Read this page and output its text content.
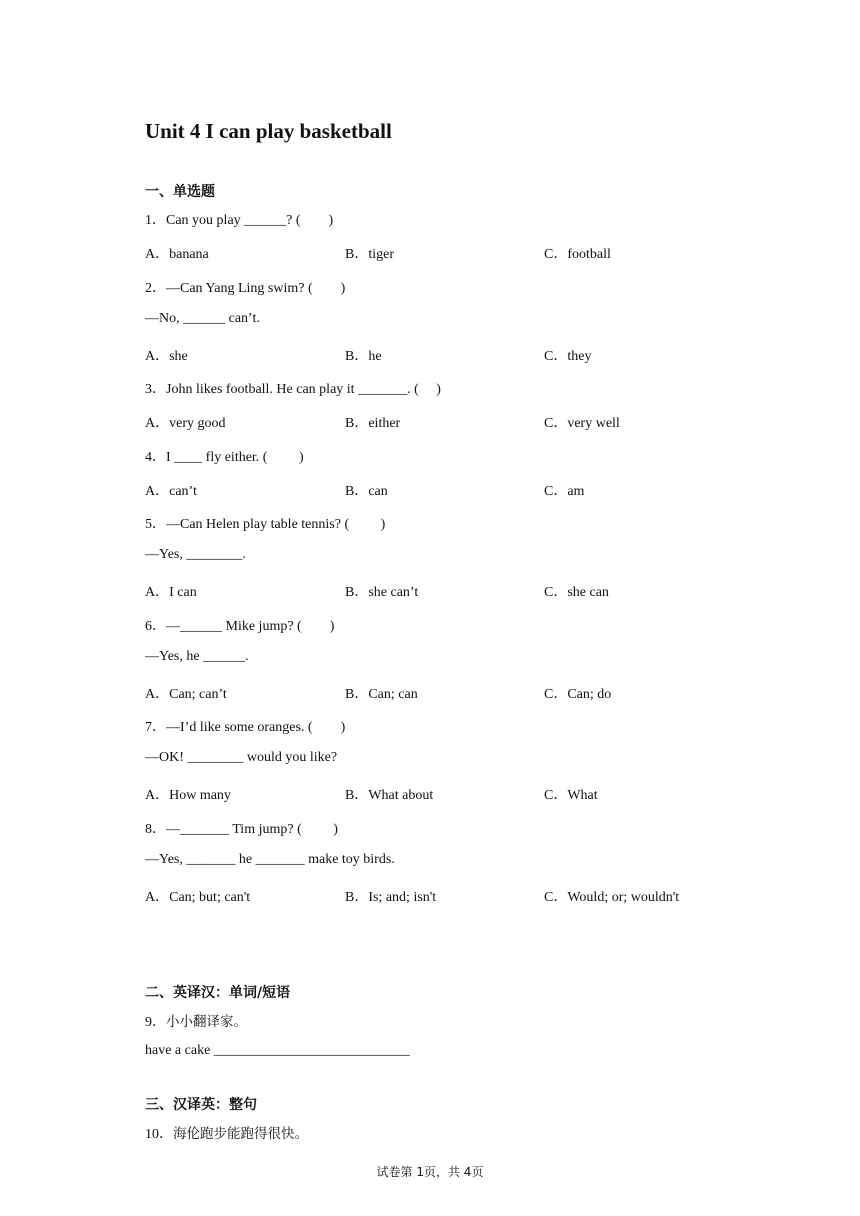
Unit 4 I can play basketball
一、单选题
1．Can you play ______? (　　)
A．banana	B．tiger	C．football
2．—Can Yang Ling swim? (　　)
—No, ______ can’t.
A．she	B．he	C．they
3．John likes football. He can play it _______. (　 )
A．very good	B．either	C．very well
4．I ____ fly either. (　　 )
A．can’t	B．can	C．am
5．—Can Helen play table tennis? (　　 )
—Yes, ________.
A．I can	B．she can’t	C．she can
6．—______ Mike jump? (　　)
—Yes, he ______.
A．Can; can’t	B．Can; can	C．Can; do
7．—I’d like some oranges. (　　)
—OK! ________ would you like?
A．How many	B．What about	C．What
8．—_______ Tim jump? (　　 )
—Yes, _______ he _______ make toy birds.
A．Can; but; can't	B．Is; and; isn't	C．Would; or; wouldn't
二、英译汉：单词/短语
9．小小翻译家。
have a cake ____________________________
三、汉译英：整句
10．海伦跑步能跑得很快。
试卷第 1页，共 4页
